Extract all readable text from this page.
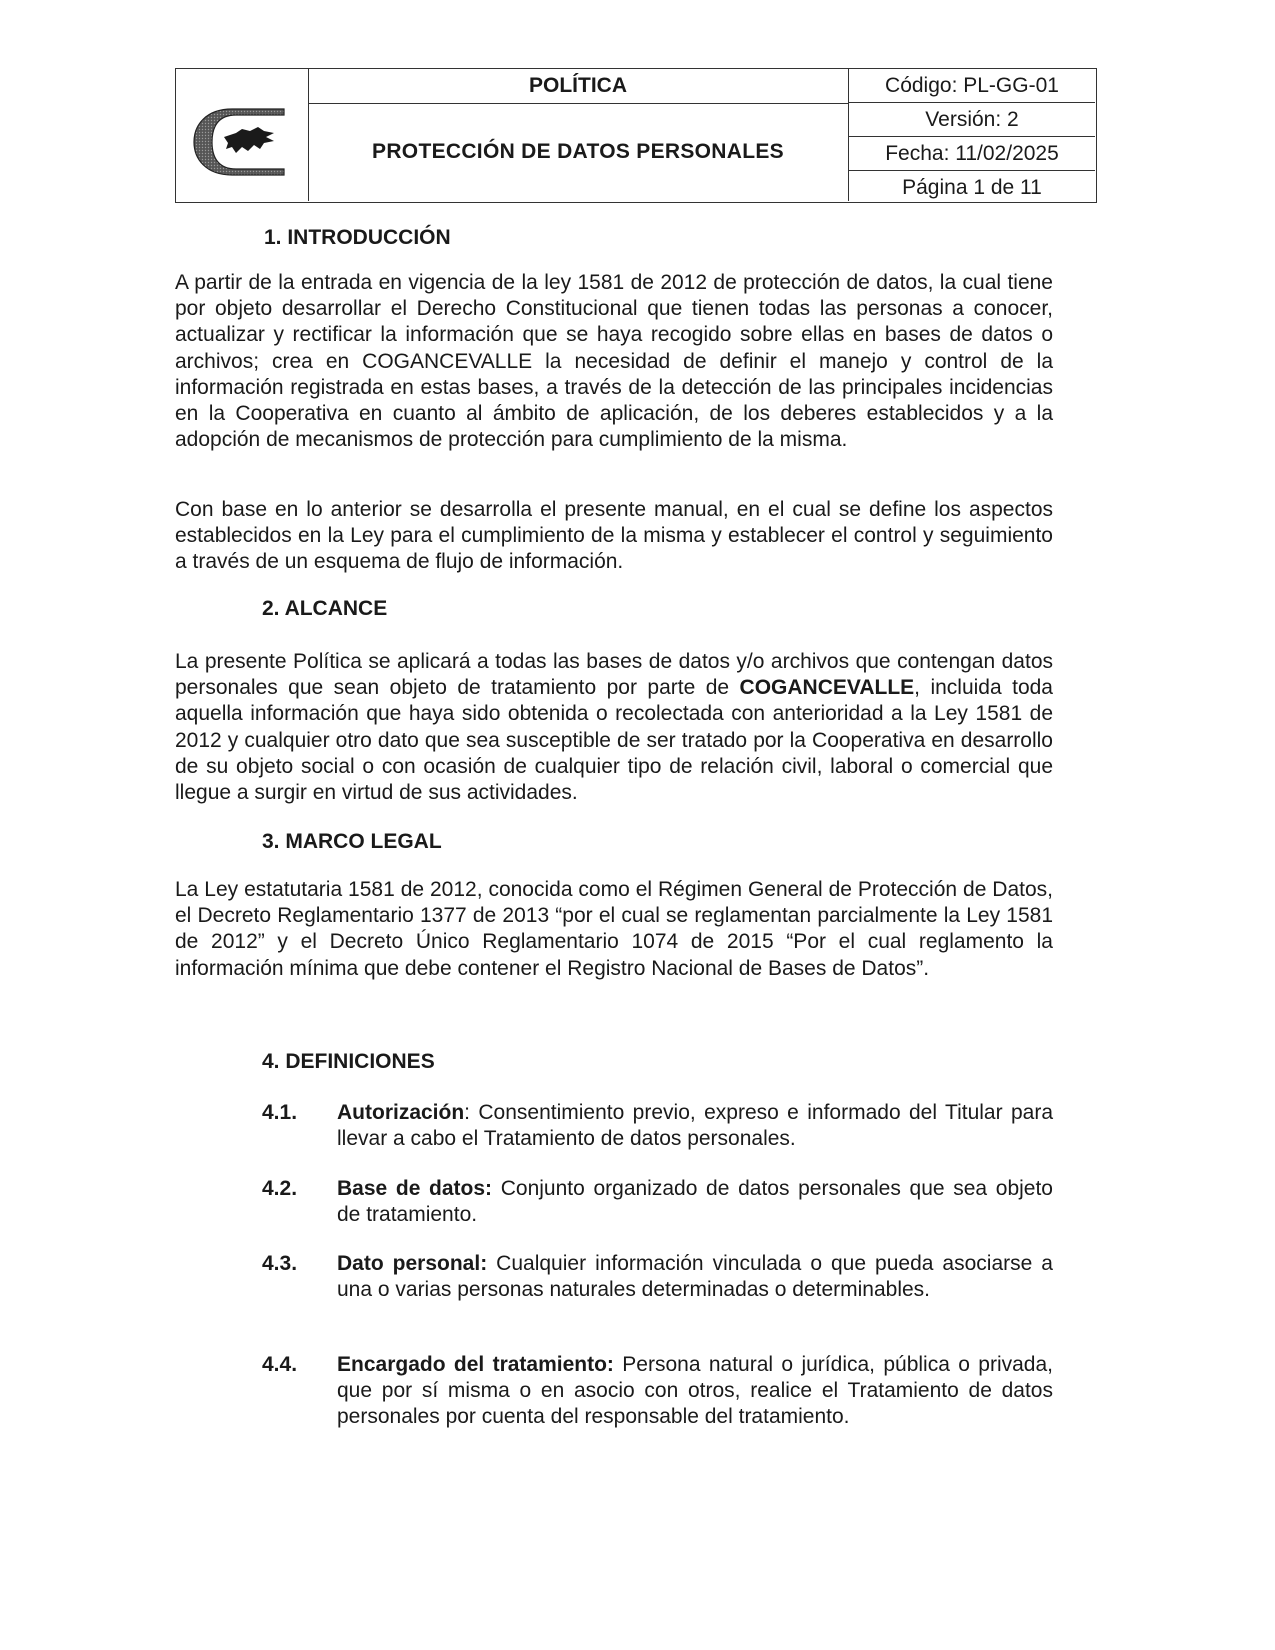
POLÍTICA
PROTECCIÓN DE DATOS PERSONALES
Código: PL-GG-01
Versión: 2
Fecha: 11/02/2025
Página 1 de 11
1. INTRODUCCIÓN
A partir de la entrada en vigencia de la ley 1581 de 2012 de protección de datos, la cual tiene por objeto desarrollar el Derecho Constitucional que tienen todas las personas a conocer, actualizar y rectificar la información que se haya recogido sobre ellas en bases de datos o archivos; crea en COGANCEVALLE la necesidad de definir el manejo y control de la información registrada en estas bases, a través de la detección de las principales incidencias en la Cooperativa en cuanto al ámbito de aplicación, de los deberes establecidos y a la adopción de mecanismos de protección para cumplimiento de la misma.
Con base en lo anterior se desarrolla el presente manual, en el cual se define los aspectos establecidos en la Ley para el cumplimiento de la misma y establecer el control y seguimiento a través de un esquema de flujo de información.
2. ALCANCE
La presente Política se aplicará a todas las bases de datos y/o archivos que contengan datos personales que sean objeto de tratamiento por parte de COGANCEVALLE, incluida toda aquella información que haya sido obtenida o recolectada con anterioridad a la Ley 1581 de 2012 y cualquier otro dato que sea susceptible de ser tratado por la Cooperativa en desarrollo de su objeto social o con ocasión de cualquier tipo de relación civil, laboral o comercial que llegue a surgir en virtud de sus actividades.
3. MARCO LEGAL
La Ley estatutaria 1581 de 2012, conocida como el Régimen General de Protección de Datos, el Decreto Reglamentario 1377 de 2013 “por el cual se reglamentan parcialmente la Ley 1581 de 2012” y el Decreto Único Reglamentario 1074 de 2015 “Por el cual reglamento la información mínima que debe contener el Registro Nacional de Bases de Datos”.
4. DEFINICIONES
4.1. Autorización: Consentimiento previo, expreso e informado del Titular para llevar a cabo el Tratamiento de datos personales.
4.2. Base de datos: Conjunto organizado de datos personales que sea objeto de tratamiento.
4.3. Dato personal: Cualquier información vinculada o que pueda asociarse a una o varias personas naturales determinadas o determinables.
4.4. Encargado del tratamiento: Persona natural o jurídica, pública o privada, que por sí misma o en asocio con otros, realice el Tratamiento de datos personales por cuenta del responsable del tratamiento.
